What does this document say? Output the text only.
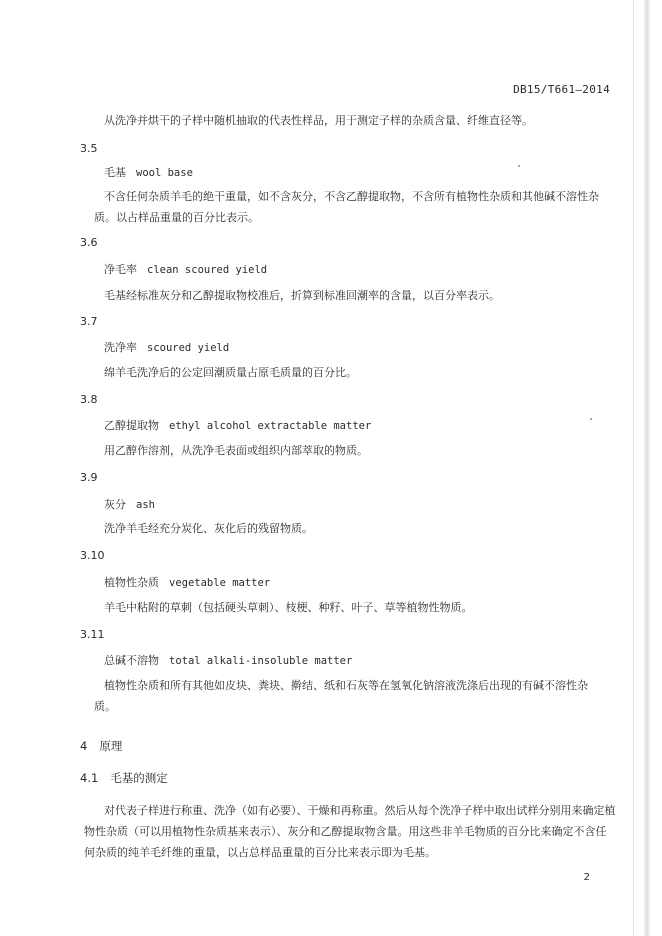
DB15/T661—2014
从洗净并烘干的子样中随机抽取的代表性样品，用于测定子样的杂质含量、纤维直径等。
3.5
毛基 wool base
不含任何杂质羊毛的绝干重量，如不含灰分，不含乙醇提取物，不含所有植物性杂质和其他碱不溶性杂质。以占样品重量的百分比表示。
3.6
净毛率 clean scoured yield
毛基经标准灰分和乙醇提取物校准后，折算到标准回潮率的含量，以百分率表示。
3.7
洗净率 scoured yield
绵羊毛洗净后的公定回潮质量占原毛质量的百分比。
3.8
乙醇提取物 ethyl alcohol extractable matter
用乙醇作溶剂，从洗净毛表面或组织内部萃取的物质。
3.9
灰分 ash
洗净羊毛经充分炭化、灰化后的残留物质。
3.10
植物性杂质 vegetable matter
羊毛中粘附的草刺（包括硬头草刺）、枝梗、种籽、叶子、草等植物性物质。
3.11
总碱不溶物 total alkali-insoluble matter
植物性杂质和所有其他如皮块、粪块、擀结、纸和石灰等在氢氧化钠溶液洗涤后出现的有碱不溶性杂质。
4 原理
4.1 毛基的测定
对代表子样进行称重、洗净（如有必要）、干燥和再称重。然后从每个洗净子样中取出试样分别用来确定植物性杂质（可以用植物性杂质基来表示）、灰分和乙醇提取物含量。用这些非羊毛物质的百分比来确定不含任何杂质的纯羊毛纤维的重量，以占总样品重量的百分比来表示即为毛基。
2
